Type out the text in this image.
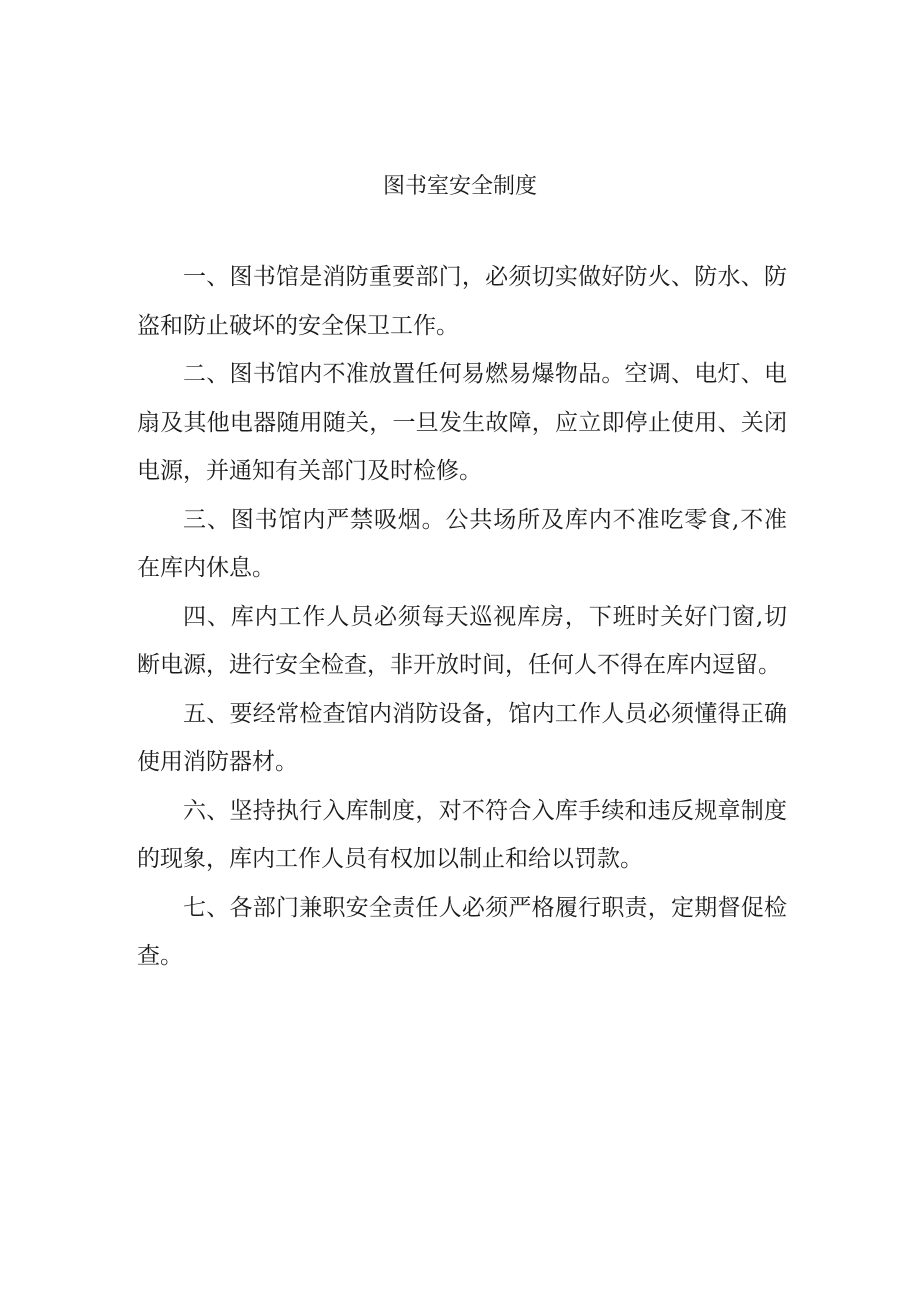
图书室安全制度

一、图书馆是消防重要部门，必须切实做好防火、防水、防盗和防止破坏的安全保卫工作。

二、图书馆内不准放置任何易燃易爆物品。空调、电灯、电扇及其他电器随用随关，一旦发生故障，应立即停止使用、关闭电源，并通知有关部门及时检修。

三、图书馆内严禁吸烟。公共场所及库内不准吃零食,不准在库内休息。

四、库内工作人员必须每天巡视库房，下班时关好门窗,切断电源，进行安全检查，非开放时间，任何人不得在库内逗留。

五、要经常检查馆内消防设备，馆内工作人员必须懂得正确使用消防器材。

六、坚持执行入库制度，对不符合入库手续和违反规章制度的现象，库内工作人员有权加以制止和给以罚款。

七、各部门兼职安全责任人必须严格履行职责，定期督促检查。
